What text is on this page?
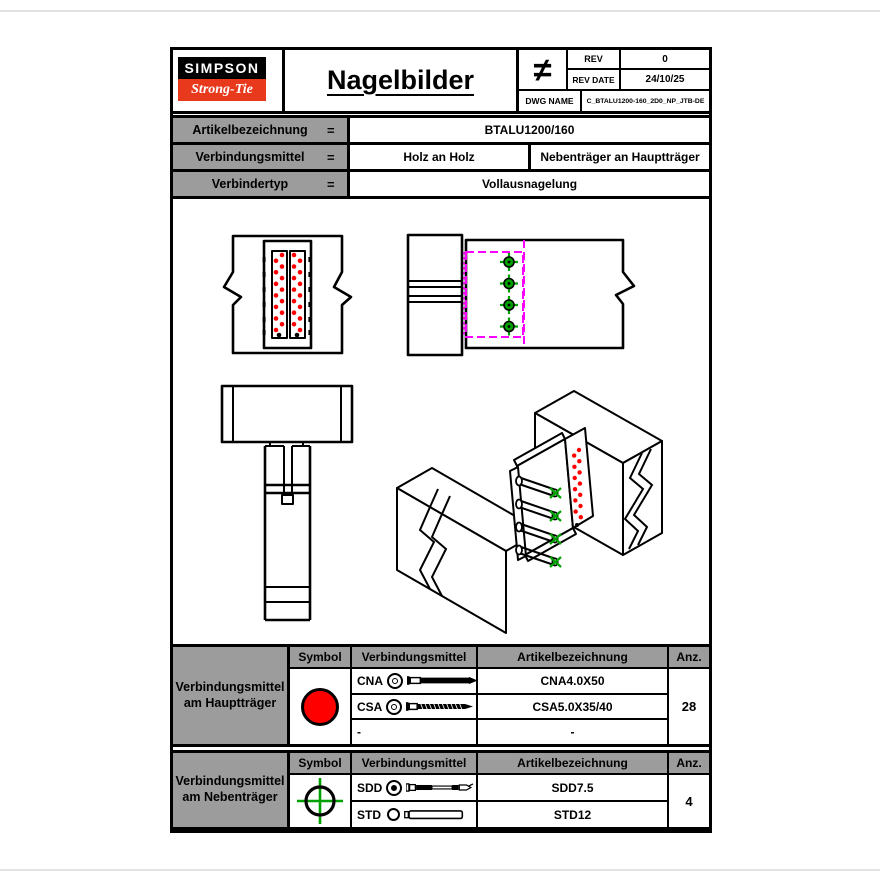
SIMPSON
Strong-Tie	Nagelbilder	≠	REV	0
REV DATE	24/10/25
DWG NAME	C_BTALU1200-160_2D0_NP_JTB-DE
Artikelbezeichnung	=	BTALU1200/160
Verbindungsmittel	=	Holz an Holz	Nebenträger an Hauptträger
Verbindertyp	=	Vollausnagelung
Verbindungsmittel am Hauptträger
Symbol	Verbindungsmittel	Artikelbezeichnung	Anz.
CNA	CNA4.0X50
CSA	CSA5.0X35/40
-	-
28
Verbindungsmittel am Nebenträger
Symbol	Verbindungsmittel	Artikelbezeichnung	Anz.
SDD	SDD7.5
STD	STD12
4
